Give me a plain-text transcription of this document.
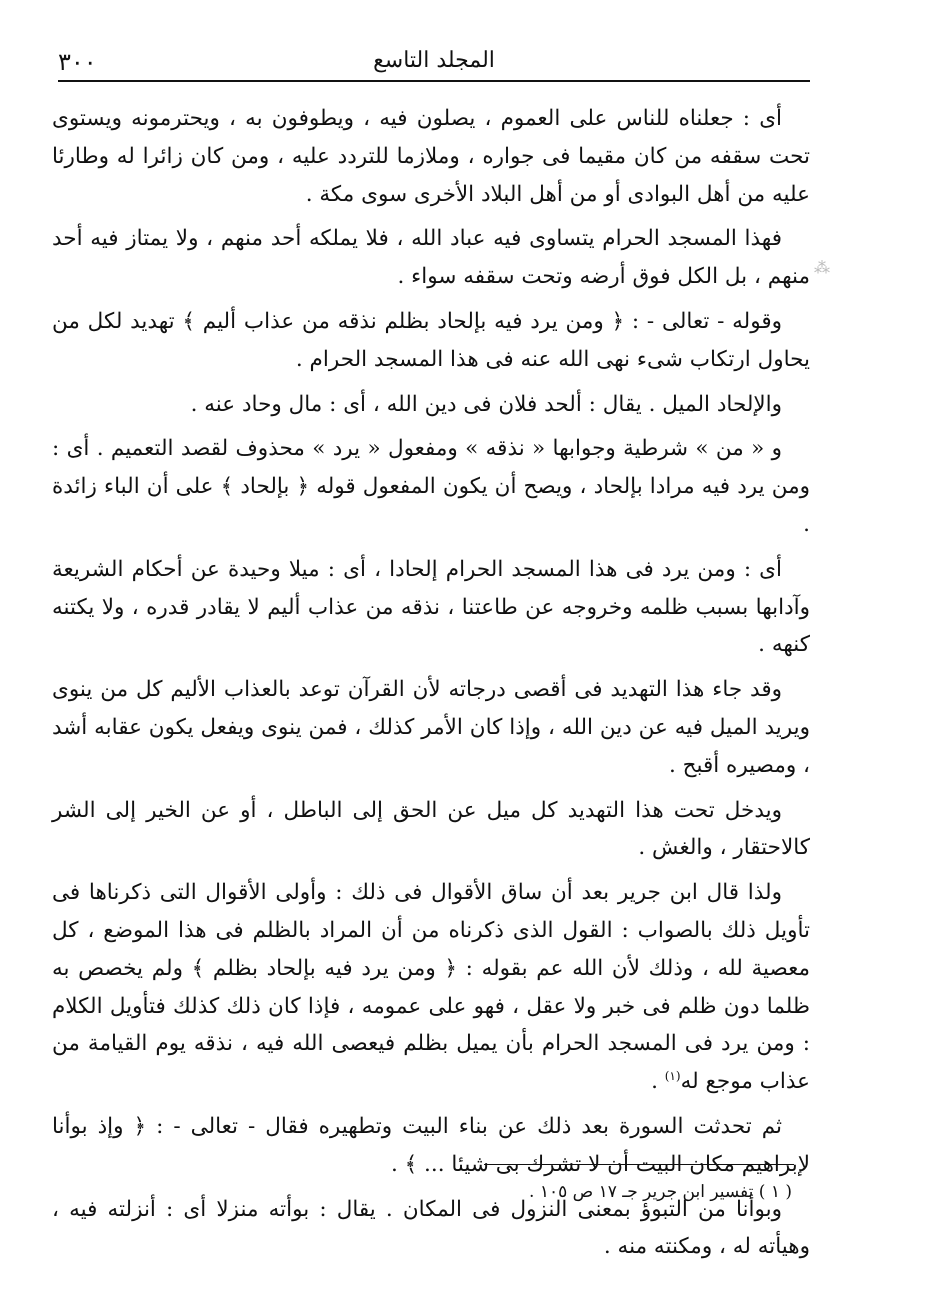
٣٠٠	المجلد التاسع
⁂

أى : جعلناه للناس على العموم ، يصلون فيه ، ويطوفون به ، ويحترمونه ويستوى تحت سقفه من كان مقيما فى جواره ، وملازما للتردد عليه ، ومن كان زائرا له وطارئا عليه من أهل البوادى أو من أهل البلاد الأخرى سوى مكة .

فهذا المسجد الحرام يتساوى فيه عباد الله ، فلا يملكه أحد منهم ، ولا يمتاز فيه أحد منهم ، بل الكل فوق أرضه وتحت سقفه سواء .

وقوله - تعالى - : ﴿ ومن يرد فيه بإلحاد بظلم نذقه من عذاب أليم ﴾ تهديد لكل من يحاول ارتكاب شىء نهى الله عنه فى هذا المسجد الحرام .

والإلحاد الميل . يقال : ألحد فلان فى دين الله ، أى : مال وحاد عنه .

و « من » شرطية وجوابها « نذقه » ومفعول « يرد » محذوف لقصد التعميم . أى : ومن يرد فيه مرادا بإلحاد ، ويصح أن يكون المفعول قوله ﴿ بإلحاد ﴾ على أن الباء زائدة .

أى : ومن يرد فى هذا المسجد الحرام إلحادا ، أى : ميلا وحيدة عن أحكام الشريعة وآدابها بسبب ظلمه وخروجه عن طاعتنا ، نذقه من عذاب أليم لا يقادر قدره ، ولا يكتنه كنهه .

وقد جاء هذا التهديد فى أقصى درجاته لأن القرآن توعد بالعذاب الأليم كل من ينوى ويريد الميل فيه عن دين الله ، وإذا كان الأمر كذلك ، فمن ينوى ويفعل يكون عقابه أشد ، ومصيره أقبح .

ويدخل تحت هذا التهديد كل ميل عن الحق إلى الباطل ، أو عن الخير إلى الشر كالاحتقار ، والغش .

ولذا قال ابن جرير بعد أن ساق الأقوال فى ذلك : وأولى الأقوال التى ذكرناها فى تأويل ذلك بالصواب : القول الذى ذكرناه من أن المراد بالظلم فى هذا الموضع ، كل معصية لله ، وذلك لأن الله عم بقوله : ﴿ ومن يرد فيه بإلحاد بظلم ﴾ ولم يخصص به ظلما دون ظلم فى خبر ولا عقل ، فهو على عمومه ، فإذا كان ذلك كذلك فتأويل الكلام : ومن يرد فى المسجد الحرام بأن يميل بظلم فيعصى الله فيه ، نذقه يوم القيامة من عذاب موجع له$^{(١)}$ .

ثم تحدثت السورة بعد ذلك عن بناء البيت وتطهيره فقال - تعالى - : ﴿ وإذ بوأنا لإبراهيم مكان البيت أن لا تشرك بى شيئا ... ﴾ .

وبوأنا من التبوؤ بمعنى النزول فى المكان . يقال : بوأته منزلا أى : أنزلته فيه ، وهيأته له ، ومكنته منه .

( ١ ) تفسير ابن جرير جـ ١٧ ص ١٠٥ .
